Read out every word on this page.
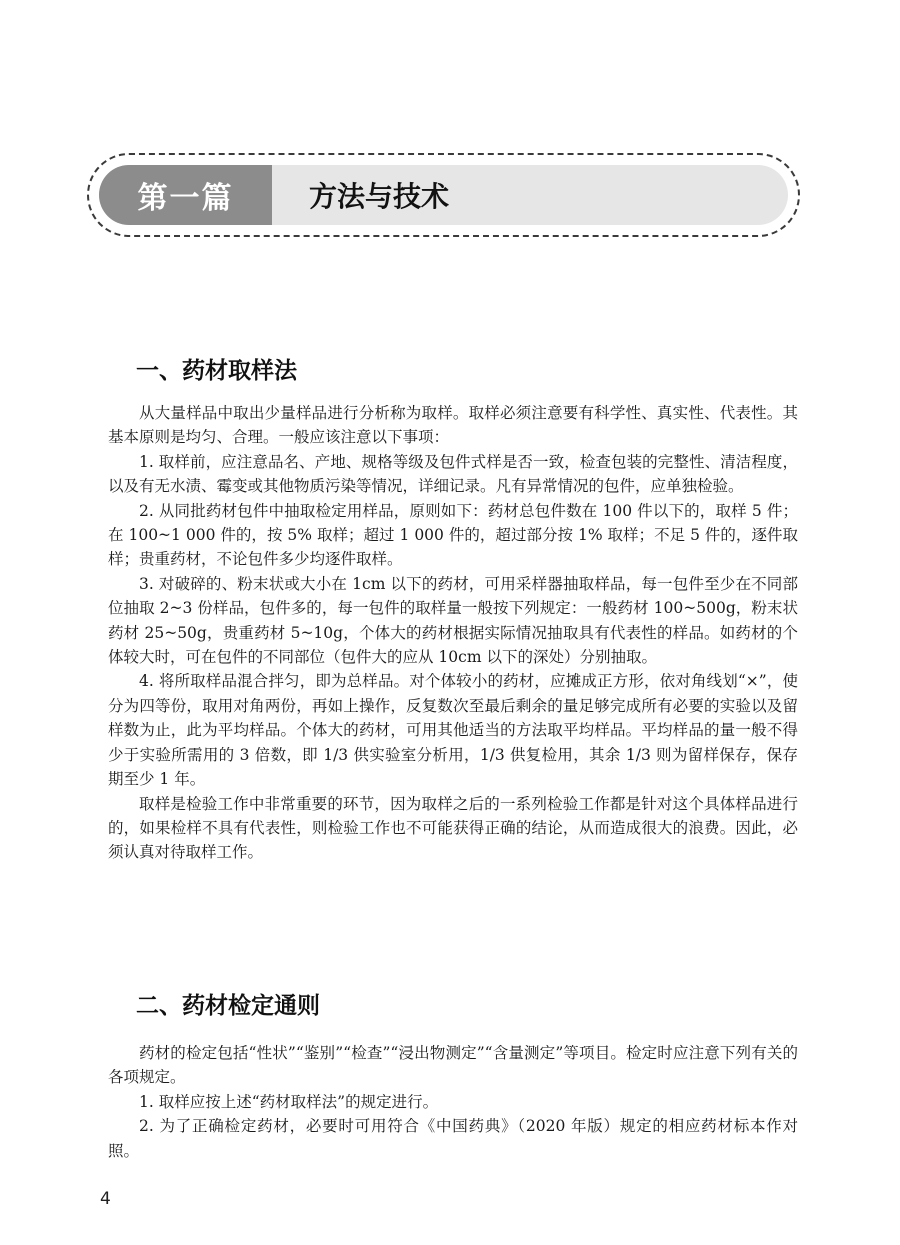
第一篇	方法与技术
一、药材取样法

从大量样品中取出少量样品进行分析称为取样。取样必须注意要有科学性、真实性、代表性。其基本原则是均匀、合理。一般应该注意以下事项：

1. 取样前，应注意品名、产地、规格等级及包件式样是否一致，检查包装的完整性、清洁程度，以及有无水渍、霉变或其他物质污染等情况，详细记录。凡有异常情况的包件，应单独检验。

2. 从同批药材包件中抽取检定用样品，原则如下：药材总包件数在 100 件以下的，取样 5 件；在 100~1 000 件的，按 5% 取样；超过 1 000 件的，超过部分按 1% 取样；不足 5 件的，逐件取样；贵重药材，不论包件多少均逐件取样。

3. 对破碎的、粉末状或大小在 1cm 以下的药材，可用采样器抽取样品，每一包件至少在不同部位抽取 2~3 份样品，包件多的，每一包件的取样量一般按下列规定：一般药材 100~500g，粉末状药材 25~50g，贵重药材 5~10g，个体大的药材根据实际情况抽取具有代表性的样品。如药材的个体较大时，可在包件的不同部位（包件大的应从 10cm 以下的深处）分别抽取。

4. 将所取样品混合拌匀，即为总样品。对个体较小的药材，应摊成正方形，依对角线划“×”，使分为四等份，取用对角两份，再如上操作，反复数次至最后剩余的量足够完成所有必要的实验以及留样数为止，此为平均样品。个体大的药材，可用其他适当的方法取平均样品。平均样品的量一般不得少于实验所需用的 3 倍数，即 1/3 供实验室分析用，1/3 供复检用，其余 1/3 则为留样保存，保存期至少 1 年。

取样是检验工作中非常重要的环节，因为取样之后的一系列检验工作都是针对这个具体样品进行的，如果检样不具有代表性，则检验工作也不可能获得正确的结论，从而造成很大的浪费。因此，必须认真对待取样工作。

二、药材检定通则

药材的检定包括“性状”“鉴别”“检查”“浸出物测定”“含量测定”等项目。检定时应注意下列有关的各项规定。

1. 取样应按上述“药材取样法”的规定进行。

2. 为了正确检定药材，必要时可用符合《中国药典》（2020 年版）规定的相应药材标本作对照。

4
